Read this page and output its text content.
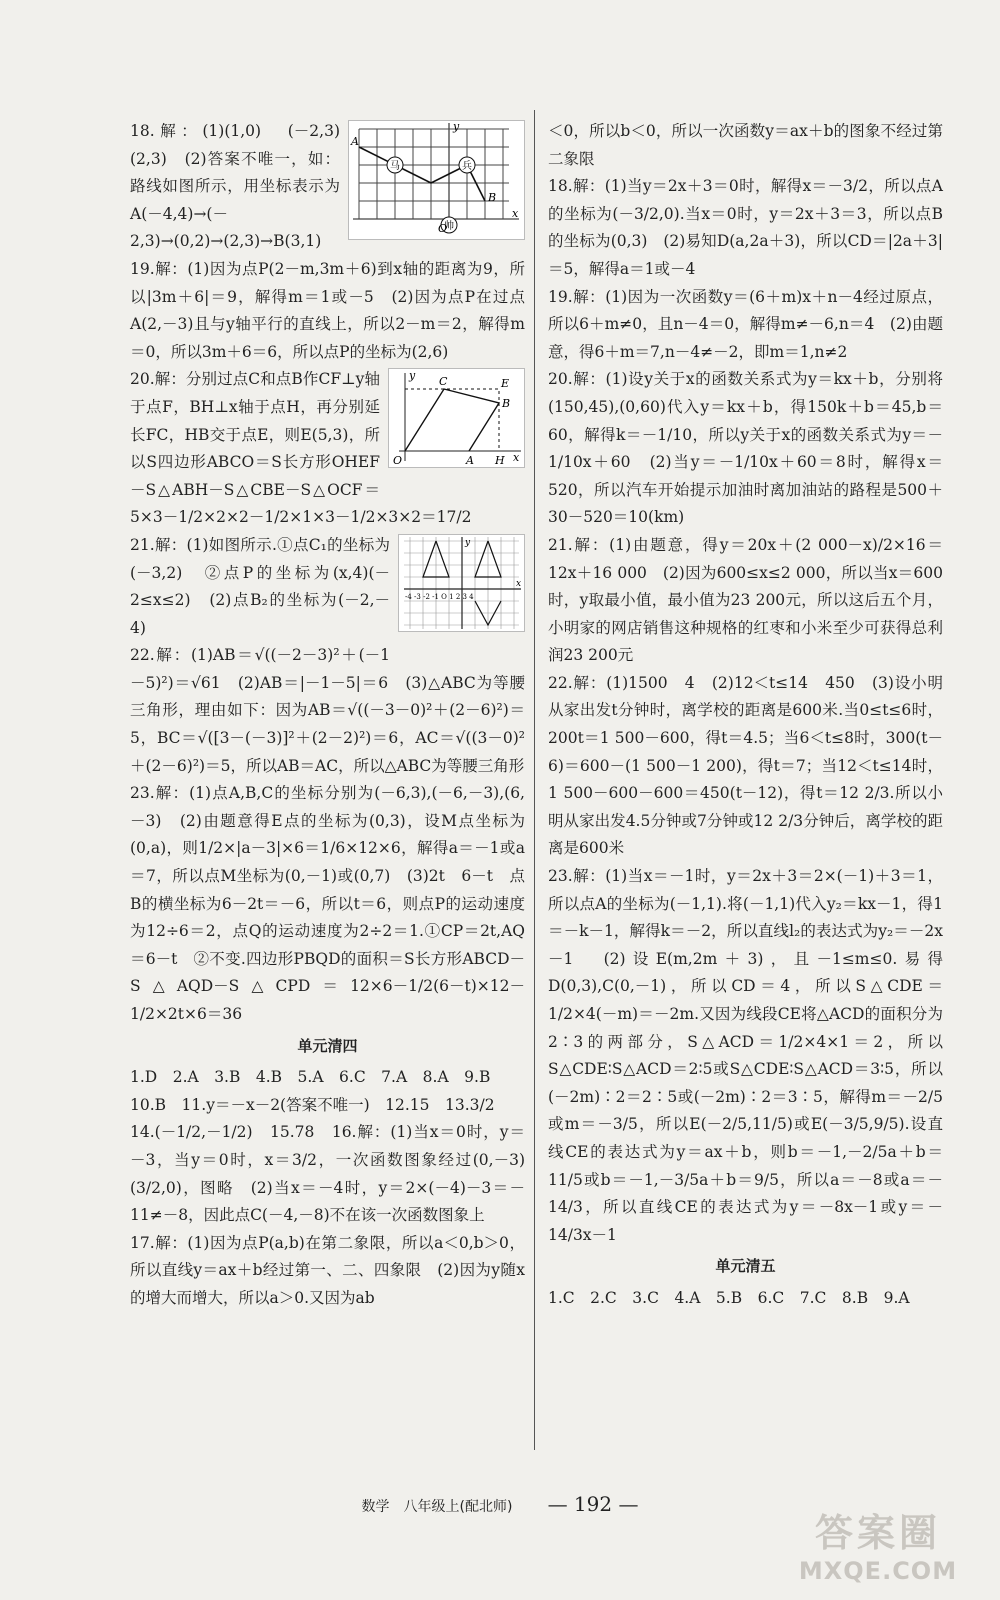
马	兵
帅
A
B
O
x
y

18.解：(1)(1,0)　(－2,3)　(2,3)　(2)答案不唯一，如：路线如图所示，用坐标表示为A(－4,4)→(－2,3)→(0,2)→(2,3)→B(3,1)

19.解：(1)因为点P(2－m,3m＋6)到x轴的距离为9，所以|3m＋6|＝9，解得m＝1或－5　(2)因为点P在过点A(2,－3)且与y轴平行的直线上，所以2－m＝2，解得m＝0，所以3m＋6＝6，所以点P的坐标为(2,6)

C	E
B
O	A H x
y

20.解：分别过点C和点B作CF⊥y轴于点F，BH⊥x轴于点H，再分别延长FC，HB交于点E，则E(5,3)，所以S四边形ABCO＝S长方形OHEF－S△ABH－S△CBE－S△OCF＝5×3－1/2×2×2－1/2×1×3－1/2×3×2＝17/2

-4 -3 -2 -1 O 1 2 3 4
x
y

21.解：(1)如图所示.①点C₁的坐标为(－3,2)　②点P的坐标为(x,4)(－2≤x≤2)　(2)点B₂的坐标为(－2,－4)

22.解：(1)AB＝√((－2－3)²＋(－1－5)²)＝√61　(2)AB＝|－1－5|＝6　(3)△ABC为等腰三角形，理由如下：因为AB＝√((－3－0)²＋(2－6)²)＝5，BC＝√([3－(－3)]²＋(2－2)²)＝6，AC＝√((3－0)²＋(2－6)²)＝5，所以AB＝AC，所以△ABC为等腰三角形

23.解：(1)点A,B,C的坐标分别为(－6,3),(－6,－3),(6,－3)　(2)由题意得E点的坐标为(0,3)，设M点坐标为(0,a)，则1/2×|a－3|×6＝1/6×12×6，解得a＝－1或a＝7，所以点M坐标为(0,－1)或(0,7)　(3)2t　6－t　点B的横坐标为6－2t＝－6，所以t＝6，则点P的运动速度为12÷6＝2，点Q的运动速度为2÷2＝1.①CP＝2t,AQ＝6－t　②不变.四边形PBQD的面积＝S长方形ABCD－S△AQD－S△CPD＝12×6－1/2(6－t)×12－1/2×2t×6＝36

单元清四

1.D　2.A　3.B　4.B　5.A　6.C　7.A　8.A　9.B

10.B　11.y＝－x－2(答案不唯一)　12.15　13.3/2

14.(－1/2,－1/2)　15.78　16.解：(1)当x＝0时，y＝－3，当y＝0时，x＝3/2，一次函数图象经过(0,－3)(3/2,0)，图略　(2)当x＝－4时，y＝2×(－4)－3＝－11≠－8，因此点C(－4,－8)不在该一次函数图象上

17.解：(1)因为点P(a,b)在第二象限，所以a＜0,b＞0，所以直线y＝ax＋b经过第一、二、四象限　(2)因为y随x的增大而增大，所以a＞0.又因为ab

＜0，所以b＜0，所以一次函数y＝ax＋b的图象不经过第二象限

18.解：(1)当y＝2x＋3＝0时，解得x＝－3/2，所以点A的坐标为(－3/2,0).当x＝0时，y＝2x＋3＝3，所以点B的坐标为(0,3)　(2)易知D(a,2a＋3)，所以CD＝|2a＋3|＝5，解得a＝1或－4

19.解：(1)因为一次函数y＝(6＋m)x＋n－4经过原点，所以6＋m≠0，且n－4＝0，解得m≠－6,n＝4　(2)由题意，得6＋m＝7,n－4≠－2，即m＝1,n≠2

20.解：(1)设y关于x的函数关系式为y＝kx＋b，分别将(150,45),(0,60)代入y＝kx＋b，得150k＋b＝45,b＝60，解得k＝－1/10，所以y关于x的函数关系式为y＝－1/10x＋60　(2)当y＝－1/10x＋60＝8时，解得x＝520，所以汽车开始提示加油时离加油站的路程是500＋30－520＝10(km)

21.解：(1)由题意，得y＝20x＋(2 000－x)/2×16＝12x＋16 000　(2)因为600≤x≤2 000，所以当x＝600时，y取最小值，最小值为23 200元，所以这后五个月，小明家的网店销售这种规格的红枣和小米至少可获得总利润23 200元

22.解：(1)1500　4　(2)12＜t≤14　450　(3)设小明从家出发t分钟时，离学校的距离是600米.当0≤t≤6时，200t＝1 500－600，得t＝4.5；当6＜t≤8时，300(t－6)＝600－(1 500－1 200)，得t＝7；当12＜t≤14时，1 500－600－600＝450(t－12)，得t＝12 2/3.所以小明从家出发4.5分钟或7分钟或12 2/3分钟后，离学校的距离是600米

23.解：(1)当x＝－1时，y＝2x＋3＝2×(－1)＋3＝1，所以点A的坐标为(－1,1).将(－1,1)代入y₂＝kx－1，得1＝－k－1，解得k＝－2，所以直线l₂的表达式为y₂＝－2x－1　(2)设E(m,2m＋3)，且－1≤m≤0.易得D(0,3),C(0,－1)，所以CD＝4，所以S△CDE＝1/2×4(－m)＝－2m.又因为线段CE将△ACD的面积分为2∶3的两部分，S△ACD＝1/2×4×1＝2，所以S△CDE∶S△ACD＝2∶5或S△CDE∶S△ACD＝3∶5，所以(－2m)∶2＝2∶5或(－2m)∶2＝3∶5，解得m＝－2/5或m＝－3/5，所以E(－2/5,11/5)或E(－3/5,9/5).设直线CE的表达式为y＝ax＋b，则b＝－1,－2/5a＋b＝11/5或b＝－1,－3/5a＋b＝9/5，所以a＝－8或a＝－14/3，所以直线CE的表达式为y＝－8x－1或y＝－14/3x－1

单元清五

1.C　2.C　3.C　4.A　5.B　6.C　7.C　8.B　9.A

数学　八年级上(配北师) — 192 —
答案圈
MXQE.COM
